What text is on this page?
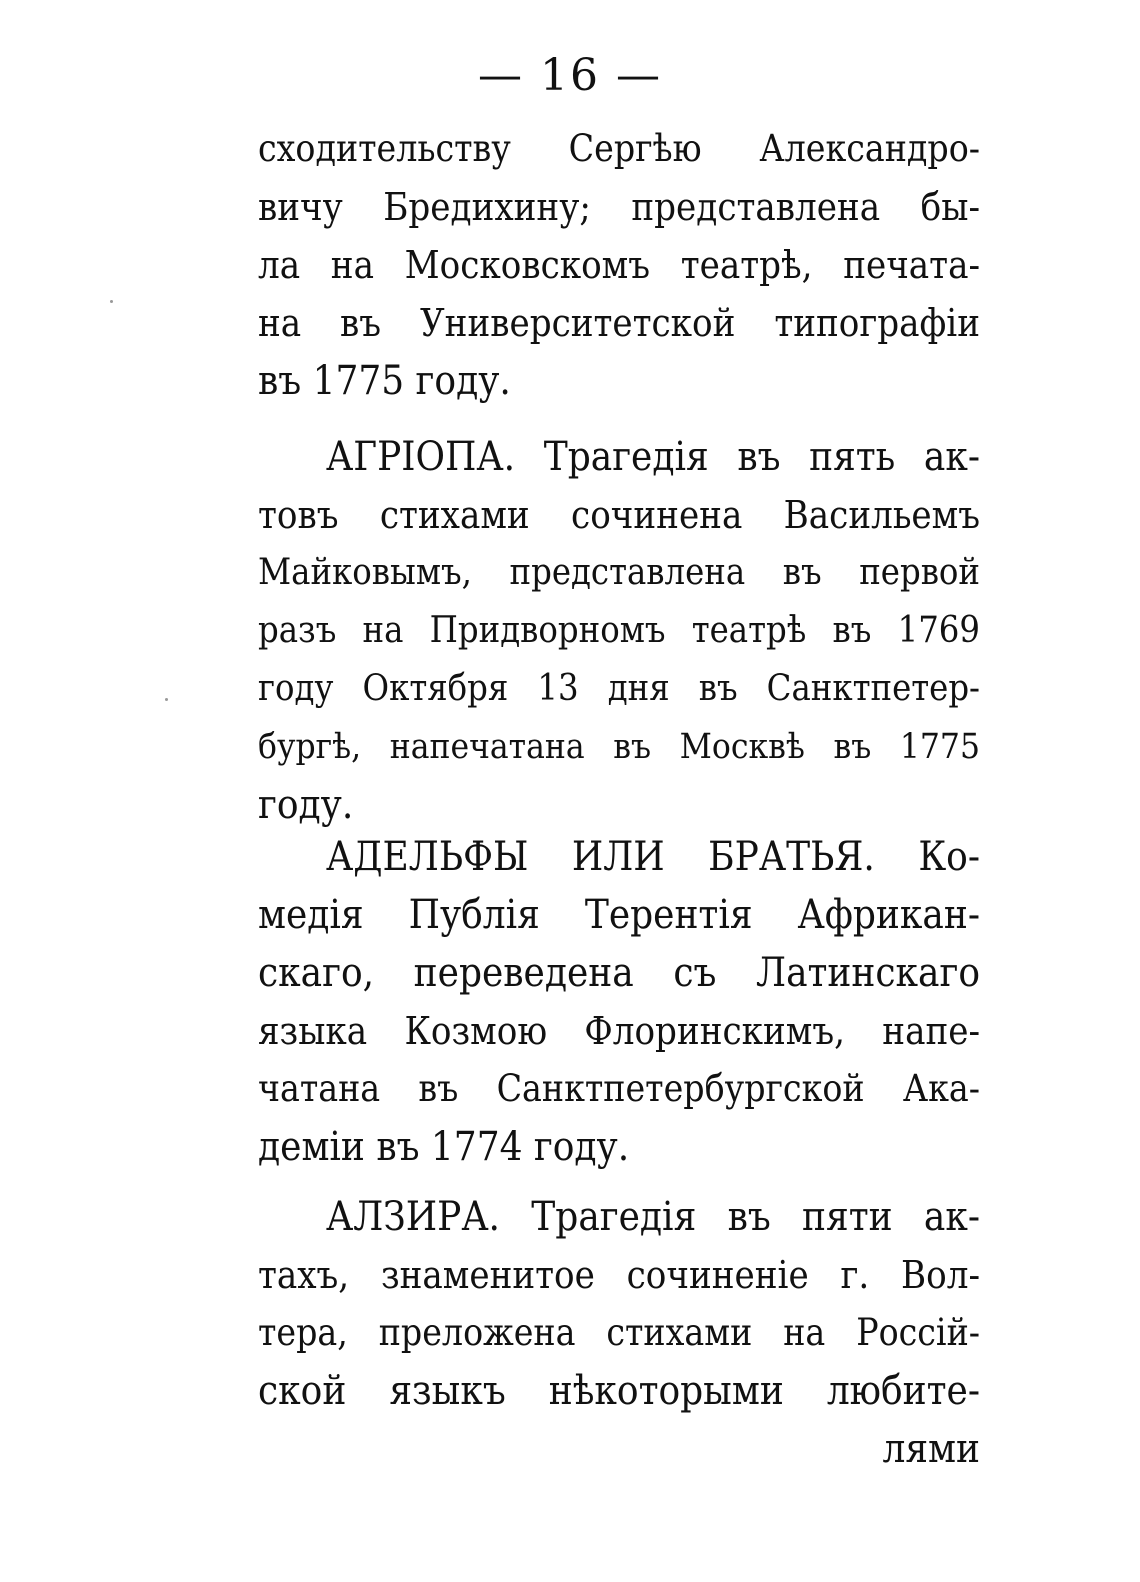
— 16 —
сходительству Сергѣю Александро-
вичу Бредихину; представлена бы-
ла на Московскомъ театрѣ, печата-
на въ Университетской типографіи
въ 1775 году.
АГРІОПА. Трагедія въ пять ак-
товъ стихами сочинена Васильемъ
Майковымъ, представлена въ первой
разъ на Придворномъ театрѣ въ 1769
году Октября 13 дня въ Санктпетер-
бургѣ, напечатана въ Москвѣ въ 1775
году.
АДЕЛЬФЫ ИЛИ БРАТЬЯ. Ко-
медія Публія Терентія Африкан-
скаго, переведена съ Латинскаго
языка Козмою Флоринскимъ, напе-
чатана въ Санктпетербургской Ака-
деміи въ 1774 году.
АЛЗИРА. Трагедія въ пяти ак-
тахъ, знаменитое сочиненіе г. Вол-
тера, преложена стихами на Россій-
ской языкъ нѣкоторыми любите-
лями
